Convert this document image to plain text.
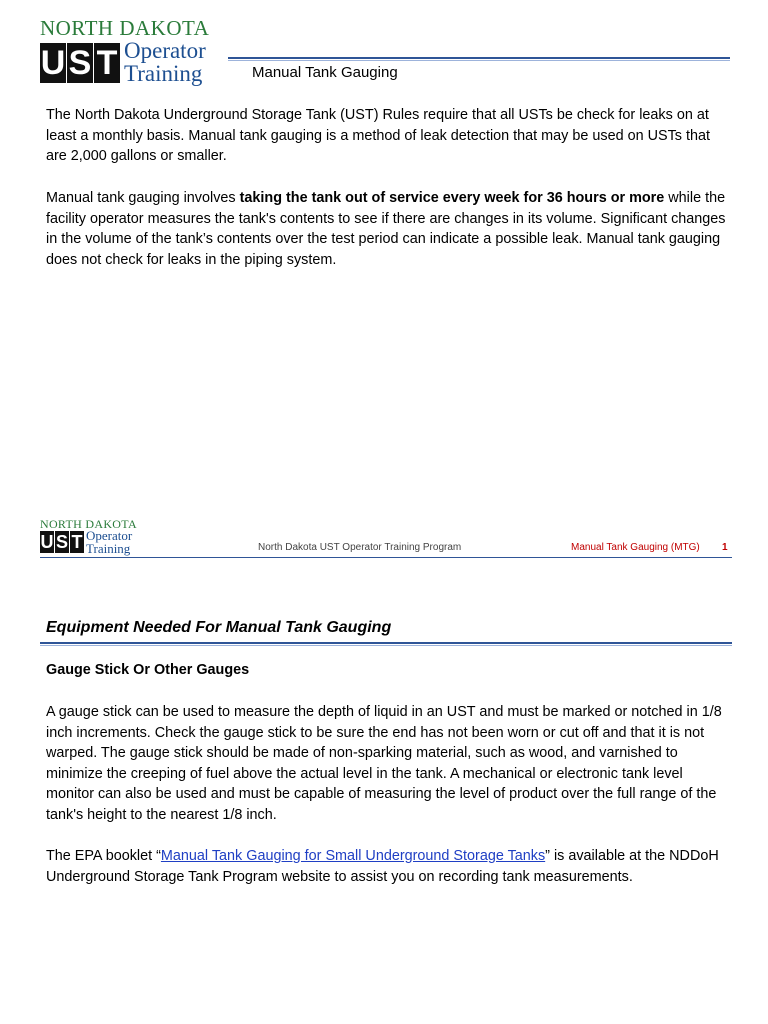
NORTH DAKOTA
U S T Operator
Training	Manual Tank Gauging
The North Dakota Underground Storage Tank (UST) Rules require that all USTs be check for leaks on at least a monthly basis. Manual tank gauging is a method of leak detection that may be used on USTs that are 2,000 gallons or smaller.
Manual tank gauging involves taking the tank out of service every week for 36 hours or more while the facility operator measures the tank's contents to see if there are changes in its volume. Significant changes in the volume of the tank’s contents over the test period can indicate a possible leak. Manual tank gauging does not check for leaks in the piping system.
NORTH DAKOTA
U S T Operator
Training	North Dakota UST Operator Training Program	Manual Tank Gauging (MTG) 1
Equipment Needed For Manual Tank Gauging
Gauge Stick Or Other Gauges
A gauge stick can be used to measure the depth of liquid in an UST and must be marked or notched in 1/8 inch increments. Check the gauge stick to be sure the end has not been worn or cut off and that it is not warped. The gauge stick should be made of non-sparking material, such as wood, and varnished to minimize the creeping of fuel above the actual level in the tank. A mechanical or electronic tank level monitor can also be used and must be capable of measuring the level of product over the full range of the tank's height to the nearest 1/8 inch.
The EPA booklet “Manual Tank Gauging for Small Underground Storage Tanks” is available at the NDDoH Underground Storage Tank Program website to assist you on recording tank measurements.
